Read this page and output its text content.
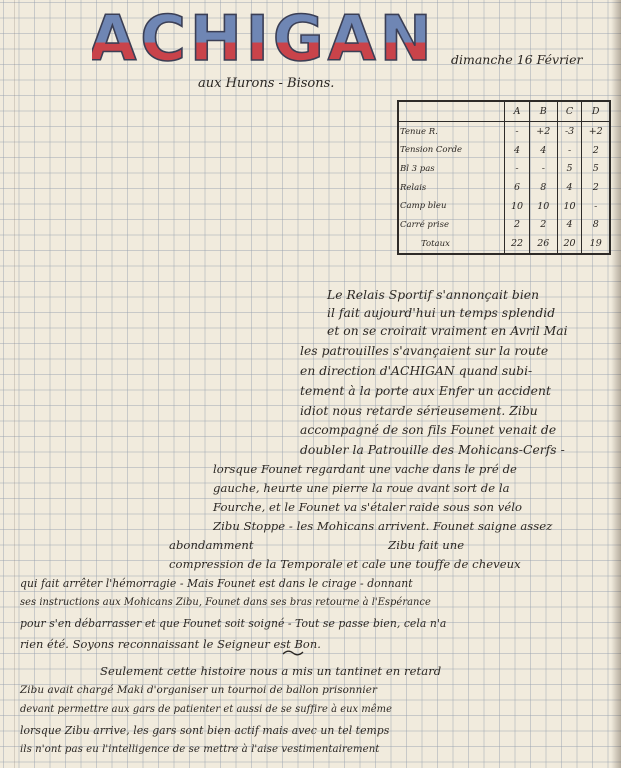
ACHIGAN
aux Hurons - Bisons.
dimanche 16 Février
	A	B	C	D
Tenue R.	-	+2	-3	+2
Tension Corde	4	4	-	2
Bl 3 pas	-	-	5	5
Relais	6	8	4	2
Camp bleu	10	10	10	-
Carré prise	2	2	4	8
Totaux	22	26	20	19
Le Relais Sportif s'annonçait bien
il fait aujourd'hui un temps splendid
et on se croirait vraiment en Avril Mai
les patrouilles s'avançaient sur la route
en direction d'ACHIGAN quand subi-
tement à la porte aux Enfer un accident
idiot nous retarde sérieusement. Zibu
accompagné de son fils Founet venait de
doubler la Patrouille des Mohicans-Cerfs -
lorsque Founet regardant une vache dans le pré de
gauche, heurte une pierre la roue avant sort de la
Fourche, et le Founet va s'étaler raide sous son vélo
Zibu Stoppe - les Mohicans arrivent. Founet saigne assez
abondamment                                    Zibu fait une
compression de la Temporale et cale une touffe de cheveux
qui fait arrêter l'hémorragie - Mais Founet est dans le cirage - donnant
ses instructions aux Mohicans Zibu, Founet dans ses bras retourne à l'Espérance
pour s'en débarrasser et que Founet soit soigné - Tout se passe bien, cela n'a
rien été. Soyons reconnaissant le Seigneur est Bon.
Seulement cette histoire nous a mis un tantinet en retard
Zibu avait chargé Maki d'organiser un tournoi de ballon prisonnier
devant permettre aux gars de patienter et aussi de se suffire à eux même
lorsque Zibu arrive, les gars sont bien actif mais avec un tel temps
ils n'ont pas eu l'intelligence de se mettre à l'aise vestimentairement
